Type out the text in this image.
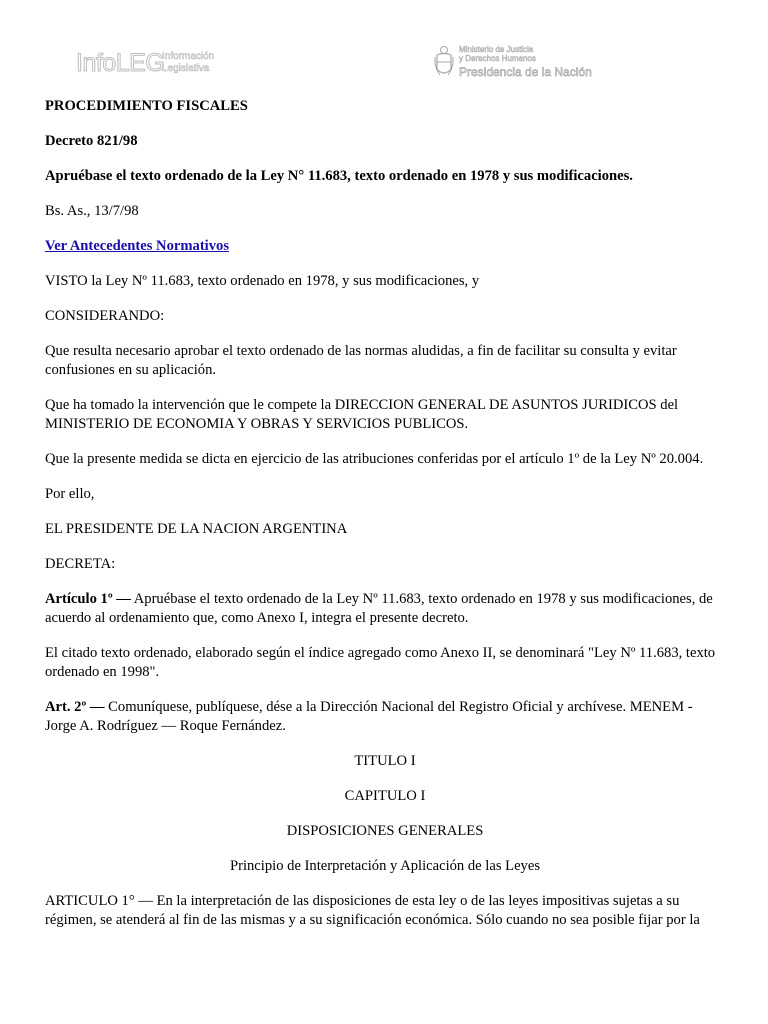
InfoLEG
Información
Legislativa
Ministerio de Justicia
y Derechos Humanos
Presidencia de la Nación

PROCEDIMIENTO FISCALES

Decreto 821/98

Apruébase el texto ordenado de la Ley N° 11.683, texto ordenado en 1978 y sus modificaciones.

Bs. As., 13/7/98

Ver Antecedentes Normativos

VISTO la Ley Nº 11.683, texto ordenado en 1978, y sus modificaciones, y

CONSIDERANDO:

Que resulta necesario aprobar el texto ordenado de las normas aludidas, a fin de facilitar su consulta y evitar confusiones en su aplicación.

Que ha tomado la intervención que le compete la DIRECCION GENERAL DE ASUNTOS JURIDICOS del MINISTERIO DE ECONOMIA Y OBRAS Y SERVICIOS PUBLICOS.

Que la presente medida se dicta en ejercicio de las atribuciones conferidas por el artículo 1º de la Ley Nº 20.004.

Por ello,

EL PRESIDENTE DE LA NACION ARGENTINA

DECRETA:

Artículo 1º — Apruébase el texto ordenado de la Ley Nº 11.683, texto ordenado en 1978 y sus modificaciones, de acuerdo al ordenamiento que, como Anexo I, integra el presente decreto.

El citado texto ordenado, elaborado según el índice agregado como Anexo II, se denominará "Ley Nº 11.683, texto ordenado en 1998".

Art. 2º — Comuníquese, publíquese, dése a la Dirección Nacional del Registro Oficial y archívese. MENEM - Jorge A. Rodríguez — Roque Fernández.

TITULO I

CAPITULO I

DISPOSICIONES GENERALES

Principio de Interpretación y Aplicación de las Leyes

ARTICULO 1° — En la interpretación de las disposiciones de esta ley o de las leyes impositivas sujetas a su régimen, se atenderá al fin de las mismas y a su significación económica. Sólo cuando no sea posible fijar por la
